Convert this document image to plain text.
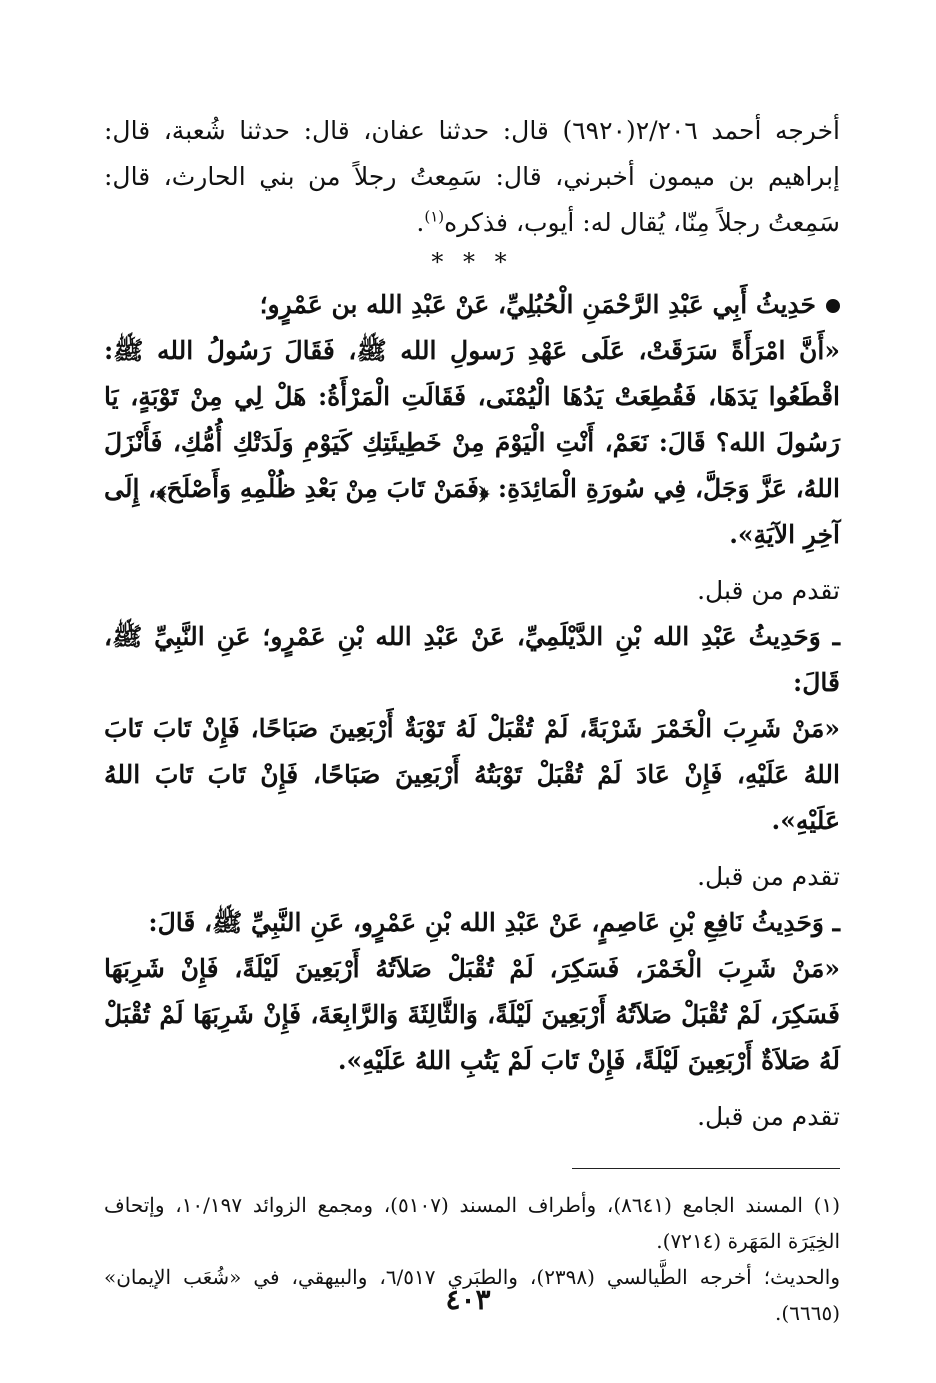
أخرجه أحمد ٢/٢٠٦(٦٩٢٠) قال: حدثنا عفان، قال: حدثنا شُعبة، قال: إبراهيم بن ميمون أخبرني، قال: سَمِعتُ رجلاً من بني الحارث، قال: سَمِعتُ رجلاً مِنّا، يُقال له: أيوب، فذكره$^{(١)}$.

* * *

حَدِيثُ أَبِي عَبْدِ الرَّحْمَنِ الْحُبُلِيِّ، عَنْ عَبْدِ الله بن عَمْرٍو؛

«أَنَّ امْرَأَةً سَرَقَتْ، عَلَى عَهْدِ رَسولِ الله ﷺ، فَقَالَ رَسُولُ الله ﷺ: اقْطَعُوا يَدَهَا، فَقُطِعَتْ يَدُهَا الْيُمْنَى، فَقَالَتِ الْمَرْأَةُ: هَلْ لِي مِنْ تَوْبَةٍ، يَا رَسُولَ الله؟ قَالَ: نَعَمْ، أَنْتِ الْيَوْمَ مِنْ خَطِيئَتِكِ كَيَوْمِ وَلَدَتْكِ أُمُّكِ، فَأَنْزَلَ اللهُ، عَزَّ وَجَلَّ، فِي سُورَةِ الْمَائِدَةِ: ﴿فَمَنْ تَابَ مِنْ بَعْدِ ظُلْمِهِ وَأَصْلَحَ﴾، إِلَى آخِرِ الآيَةِ».

تقدم من قبل.

ـ وَحَدِيثُ عَبْدِ الله بْنِ الدَّيْلَمِيِّ، عَنْ عَبْدِ الله بْنِ عَمْرٍو؛ عَنِ النَّبِيِّ ﷺ، قَالَ:

«مَنْ شَرِبَ الْخَمْرَ شَرْبَةً، لَمْ تُقْبَلْ لَهُ تَوْبَةٌ أَرْبَعِينَ صَبَاحًا، فَإِنْ تَابَ تَابَ اللهُ عَلَيْهِ، فَإِنْ عَادَ لَمْ تُقْبَلْ تَوْبَتُهُ أَرْبَعِينَ صَبَاحًا، فَإِنْ تَابَ تَابَ اللهُ عَلَيْهِ».

تقدم من قبل.

ـ وَحَدِيثُ نَافِعِ بْنِ عَاصِمٍ، عَنْ عَبْدِ الله بْنِ عَمْرٍو، عَنِ النَّبِيِّ ﷺ، قَالَ:

«مَنْ شَرِبَ الْخَمْرَ، فَسَكِرَ، لَمْ تُقْبَلْ صَلاَتُهُ أَرْبَعِينَ لَيْلَةً، فَإِنْ شَرِبَهَا فَسَكِرَ، لَمْ تُقْبَلْ صَلاَتُهُ أَرْبَعِينَ لَيْلَةً، وَالثَّالِثَةَ وَالرَّابِعَةَ، فَإِنْ شَرِبَهَا لَمْ تُقْبَلْ لَهُ صَلاَةٌ أَرْبَعِينَ لَيْلَةً، فَإِنْ تَابَ لَمْ يَتُبِ اللهُ عَلَيْهِ».

تقدم من قبل.

(١) المسند الجامع (٨٦٤١)، وأطراف المسند (٥١٠٧)، ومجمع الزوائد ١٠/١٩٧، وإتحاف الخِيَرَة المَهَرة (٧٢١٤).

والحديث؛ أخرجه الطَّيالسي (٢٣٩٨)، والطبَري ٦/٥١٧، والبيهقي، في «شُعَب الإيمان» (٦٦٦٥).

٤٠٣
